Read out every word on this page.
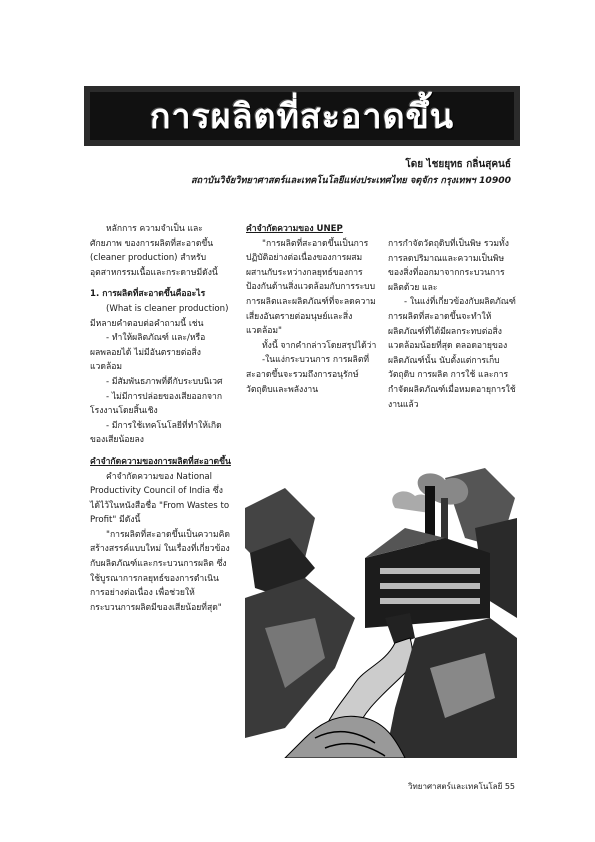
การผลิตที่สะอาดขึ้น
โดย ไชยยุทธ กลิ่นสุคนธ์
สถาบันวิจัยวิทยาศาสตร์และเทคโนโลยีแห่งประเทศไทย จตุจักร กรุงเทพฯ 10900

หลักการ ความจำเป็น และศักยภาพ ของการผลิตที่สะอาดขึ้น (cleaner production) สำหรับอุตสาหกรรมเนื้อและกระดาษมีดังนี้

1. การผลิตที่สะอาดขึ้นคืออะไร

(What is cleaner production)

มีหลายคำตอบต่อคำถามนี้ เช่น

- ทำให้ผลิตภัณฑ์ และ/หรือผลพลอยได้ ไม่มีอันตรายต่อสิ่งแวดล้อม

- มีสัมพันธภาพที่ดีกับระบบนิเวศ

- ไม่มีการปล่อยของเสียออกจากโรงงานโดยสิ้นเชิง

- มีการใช้เทคโนโลยีที่ทำให้เกิดของเสียน้อยลง

คำจำกัดความของการผลิตที่สะอาดขึ้น

คำจำกัดความของ National Productivity Council of India ซึ่งได้ไว้ในหนังสือชื่อ "From Wastes to Profit" มีดังนี้

"การผลิตที่สะอาดขึ้นเป็นความคิดสร้างสรรค์แบบใหม่ ในเรื่องที่เกี่ยวข้องกับผลิตภัณฑ์และกระบวนการผลิต ซึ่งใช้บูรณาการกลยุทธ์ของการดำเนินการอย่างต่อเนื่อง เพื่อช่วยให้กระบวนการผลิตมีของเสียน้อยที่สุด"

คำจำกัดความของ UNEP

"การผลิตที่สะอาดขึ้นเป็นการปฏิบัติอย่างต่อเนื่องของการผสมผสานกับระหว่างกลยุทธ์ของการป้องกันด้านสิ่งแวดล้อมกับการระบบการผลิตและผลิตภัณฑ์ที่จะลดความเสี่ยงอันตรายต่อมนุษย์และสิ่งแวดล้อม"

ทั้งนี้ จากคำกล่าวโดยสรุปได้ว่า

-ในแง่กระบวนการ การผลิตที่สะอาดขึ้นจะรวมถึงการอนุรักษ์วัตถุดิบและพลังงาน

การกำจัดวัตถุดิบที่เป็นพิษ รวมทั้งการลดปริมาณและความเป็นพิษของสิ่งที่ออกมาจากกระบวนการผลิตด้วย และ

- ในแง่ที่เกี่ยวข้องกับผลิตภัณฑ์ การผลิตที่สะอาดขึ้นจะทำให้ผลิตภัณฑ์ที่ได้มีผลกระทบต่อสิ่งแวดล้อมน้อยที่สุด ตลอดอายุของผลิตภัณฑ์นั้น นับตั้งแต่การเก็บวัตถุดิบ การผลิต การใช้ และการกำจัดผลิตภัณฑ์เมื่อหมดอายุการใช้งานแล้ว

วิทยาศาสตร์และเทคโนโลยี 55
